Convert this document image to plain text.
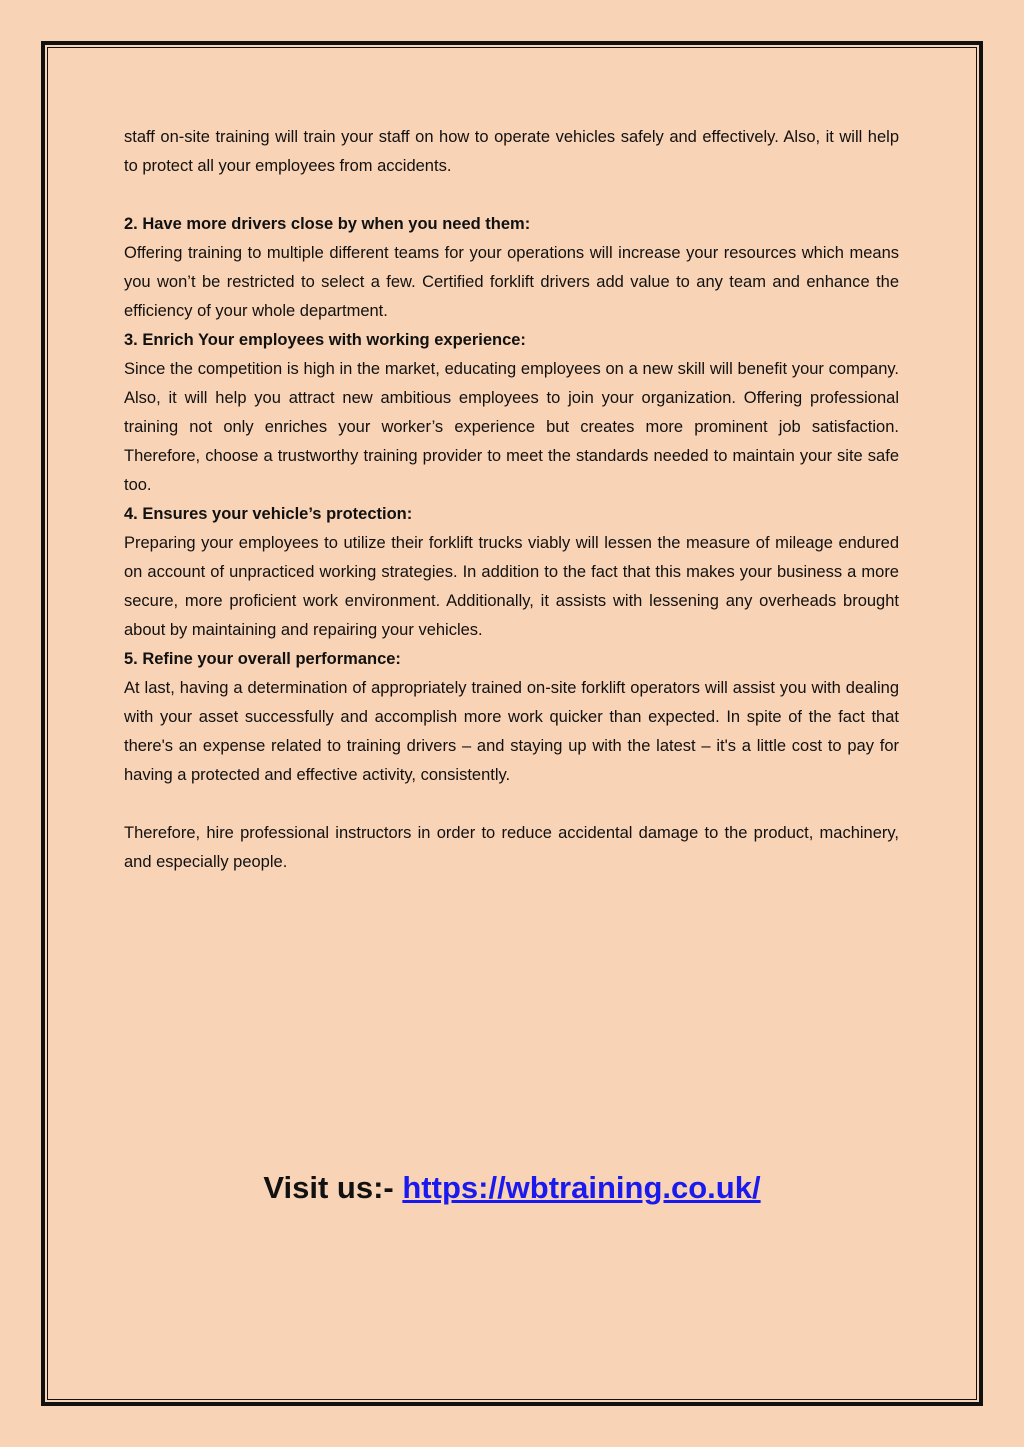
staff on-site training will train your staff on how to operate vehicles safely and effectively. Also, it will help to protect all your employees from accidents.

2. Have more drivers close by when you need them:

Offering training to multiple different teams for your operations will increase your resources which means you won’t be restricted to select a few. Certified forklift drivers add value to any team and enhance the efficiency of your whole department.

3. Enrich Your employees with working experience:

Since the competition is high in the market, educating employees on a new skill will benefit your company. Also, it will help you attract new ambitious employees to join your organization. Offering professional training not only enriches your worker’s experience but creates more prominent job satisfaction. Therefore, choose a trustworthy training provider to meet the standards needed to maintain your site safe too.

4. Ensures your vehicle’s protection:

Preparing your employees to utilize their forklift trucks viably will lessen the measure of mileage endured on account of unpracticed working strategies. In addition to the fact that this makes your business a more secure, more proficient work environment. Additionally, it assists with lessening any overheads brought about by maintaining and repairing your vehicles.

5. Refine your overall performance:

At last, having a determination of appropriately trained on-site forklift operators will assist you with dealing with your asset successfully and accomplish more work quicker than expected. In spite of the fact that there's an expense related to training drivers – and staying up with the latest – it's a little cost to pay for having a protected and effective activity, consistently.

Therefore, hire professional instructors in order to reduce accidental damage to the product, machinery, and especially people.

Visit us:- https://wbtraining.co.uk/
